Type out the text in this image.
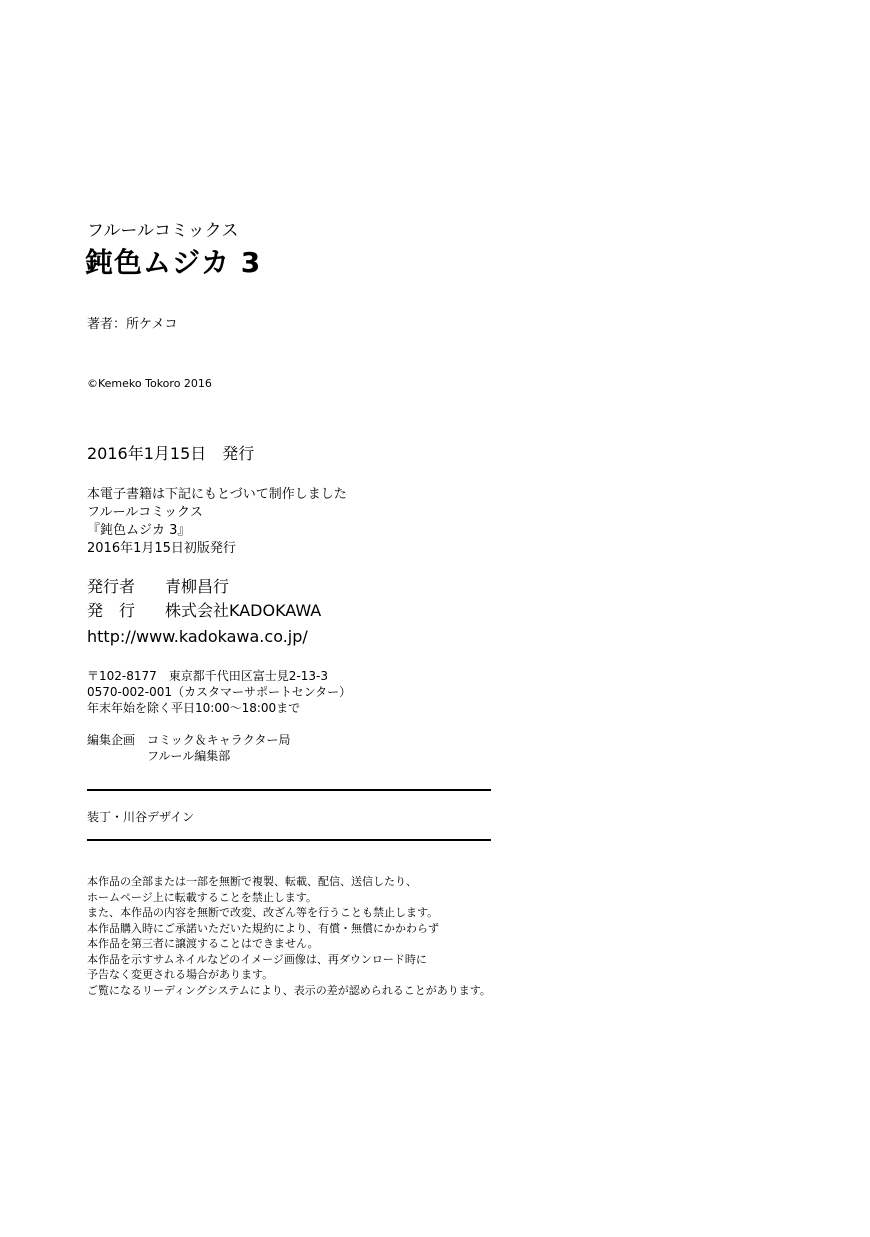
フルールコミックス
鈍色ムジカ 3
著者：所ケメコ
©Kemeko Tokoro 2016
2016年1月15日　発行
本電子書籍は下記にもとづいて制作しました
フルールコミックス
『鈍色ムジカ 3』
2016年1月15日初版発行
発行者 青柳昌行
発　行 株式会社KADOKAWA
http://www.kadokawa.co.jp/
〒102-8177　東京都千代田区富士見2-13-3
0570-002-001（カスタマーサポートセンター）
年末年始を除く平日10:00～18:00まで
編集企画 コミック＆キャラクター局
フルール編集部
装丁・川谷デザイン
本作品の全部または一部を無断で複製、転載、配信、送信したり、
ホームページ上に転載することを禁止します。
また、本作品の内容を無断で改変、改ざん等を行うことも禁止します。
本作品購入時にご承諾いただいた規約により、有償・無償にかかわらず
本作品を第三者に譲渡することはできません。
本作品を示すサムネイルなどのイメージ画像は、再ダウンロード時に
予告なく変更される場合があります。
ご覧になるリーディングシステムにより、表示の差が認められることがあります。
